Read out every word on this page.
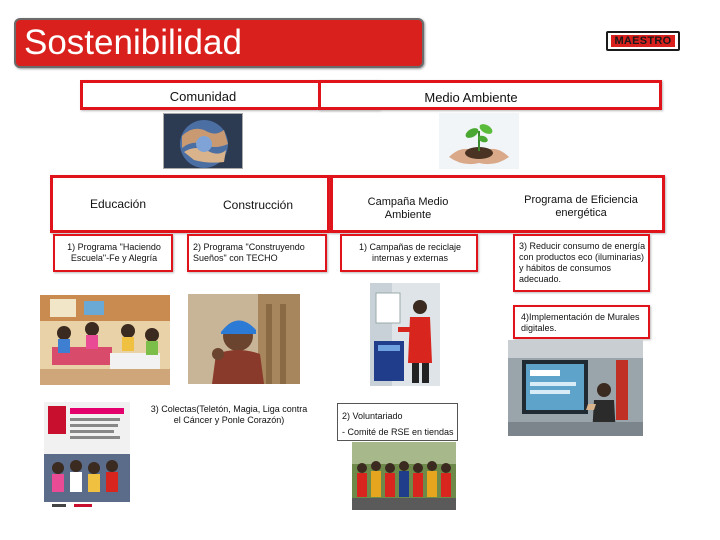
Sostenibilidad	MAESTRO
Comunidad	Medio Ambiente
Educación	Construcción	Campaña Medio Ambiente
Programa de Eficiencia energética
1) Programa "Haciendo Escuela"-Fe y Alegría
2) Programa "Construyendo Sueños" con TECHO
1) Campañas de reciclaje internas y externas
3) Reducir consumo de energía con productos eco (iluminarias) y hábitos de consumos adecuado.
4)Implementación de Murales digitales.
3) Colectas(Teletón, Magia, Liga contra el Cáncer y Ponle Corazón)	2) Voluntariado
- Comité de RSE en tiendas
